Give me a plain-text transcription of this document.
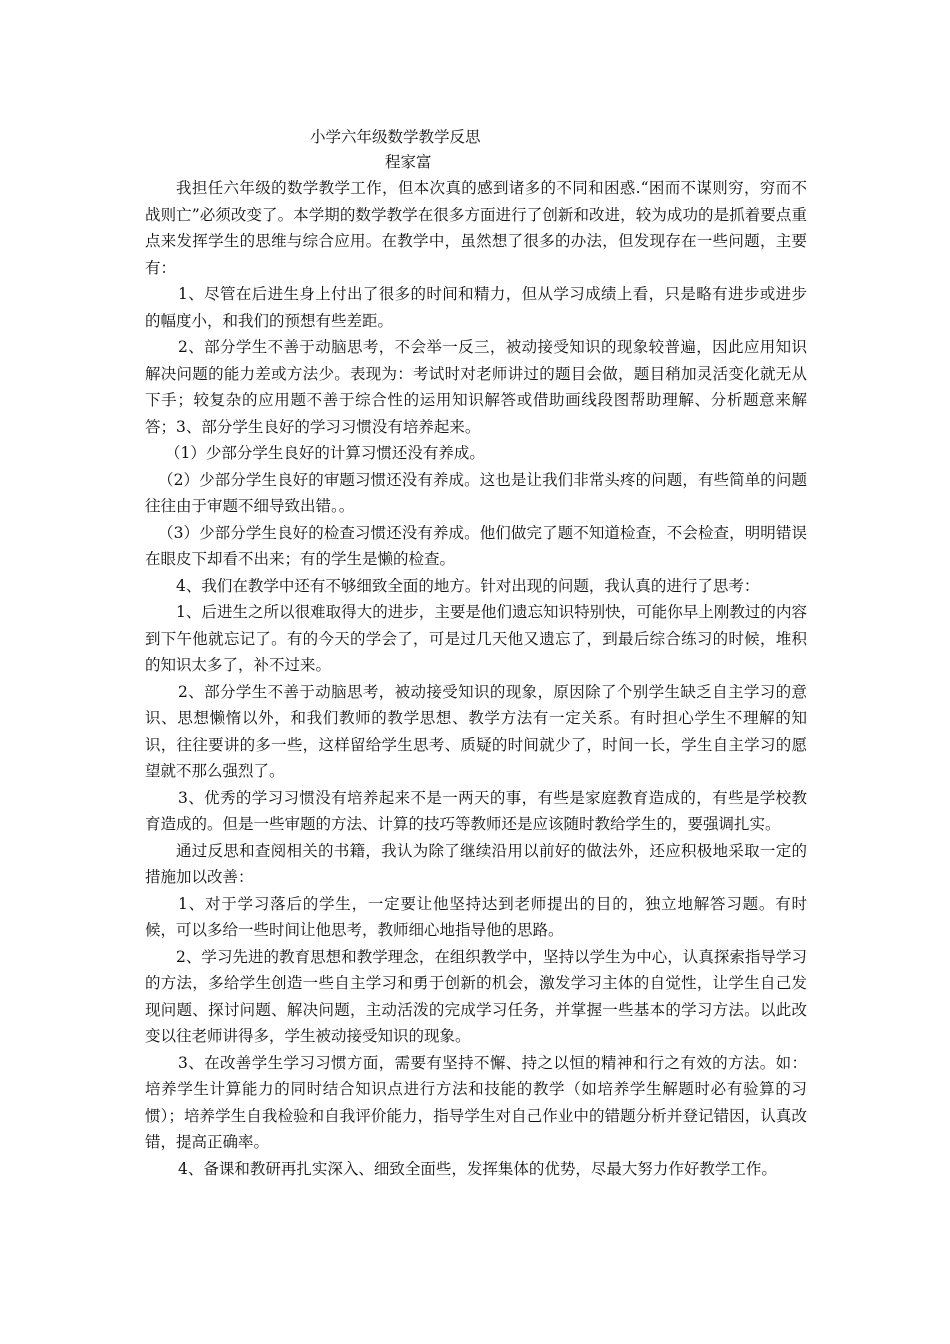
小学六年级数学教学反思
程家富

我担任六年级的数学教学工作，但本次真的感到诸多的不同和困惑.“困而不谋则穷，穷而不战则亡”必须改变了。本学期的数学教学在很多方面进行了创新和改进，较为成功的是抓着要点重点来发挥学生的思维与综合应用。在教学中，虽然想了很多的办法，但发现存在一些问题，主要有：

1、尽管在后进生身上付出了很多的时间和精力，但从学习成绩上看，只是略有进步或进步的幅度小，和我们的预想有些差距。

2、部分学生不善于动脑思考，不会举一反三，被动接受知识的现象较普遍，因此应用知识解决问题的能力差或方法少。表现为：考试时对老师讲过的题目会做，题目稍加灵活变化就无从下手；较复杂的应用题不善于综合性的运用知识解答或借助画线段图帮助理解、分析题意来解答；3、部分学生良好的学习习惯没有培养起来。

（1）少部分学生良好的计算习惯还没有养成。

（2）少部分学生良好的审题习惯还没有养成。这也是让我们非常头疼的问题，有些简单的问题往往由于审题不细导致出错。。

（3）少部分学生良好的检查习惯还没有养成。他们做完了题不知道检查，不会检查，明明错误在眼皮下却看不出来；有的学生是懒的检查。

4、我们在教学中还有不够细致全面的地方。针对出现的问题，我认真的进行了思考：

1、后进生之所以很难取得大的进步，主要是他们遗忘知识特别快，可能你早上刚教过的内容到下午他就忘记了。有的今天的学会了，可是过几天他又遗忘了，到最后综合练习的时候，堆积的知识太多了，补不过来。

2、部分学生不善于动脑思考，被动接受知识的现象，原因除了个别学生缺乏自主学习的意识、思想懒惰以外，和我们教师的教学思想、教学方法有一定关系。有时担心学生不理解的知识，往往要讲的多一些，这样留给学生思考、质疑的时间就少了，时间一长，学生自主学习的愿望就不那么强烈了。

3、优秀的学习习惯没有培养起来不是一两天的事，有些是家庭教育造成的，有些是学校教育造成的。但是一些审题的方法、计算的技巧等教师还是应该随时教给学生的，要强调扎实。

通过反思和查阅相关的书籍，我认为除了继续沿用以前好的做法外，还应积极地采取一定的措施加以改善：

1、对于学习落后的学生，一定要让他坚持达到老师提出的目的，独立地解答习题。有时候，可以多给一些时间让他思考，教师细心地指导他的思路。

2、学习先进的教育思想和教学理念，在组织教学中，坚持以学生为中心，认真探索指导学习的方法，多给学生创造一些自主学习和勇于创新的机会，激发学习主体的自觉性，让学生自己发现问题、探讨问题、解决问题，主动活泼的完成学习任务，并掌握一些基本的学习方法。以此改变以往老师讲得多，学生被动接受知识的现象。

3、在改善学生学习习惯方面，需要有坚持不懈、持之以恒的精神和行之有效的方法。如：培养学生计算能力的同时结合知识点进行方法和技能的教学（如培养学生解题时必有验算的习惯）；培养学生自我检验和自我评价能力，指导学生对自己作业中的错题分析并登记错因，认真改错，提高正确率。

4、备课和教研再扎实深入、细致全面些，发挥集体的优势，尽最大努力作好教学工作。
